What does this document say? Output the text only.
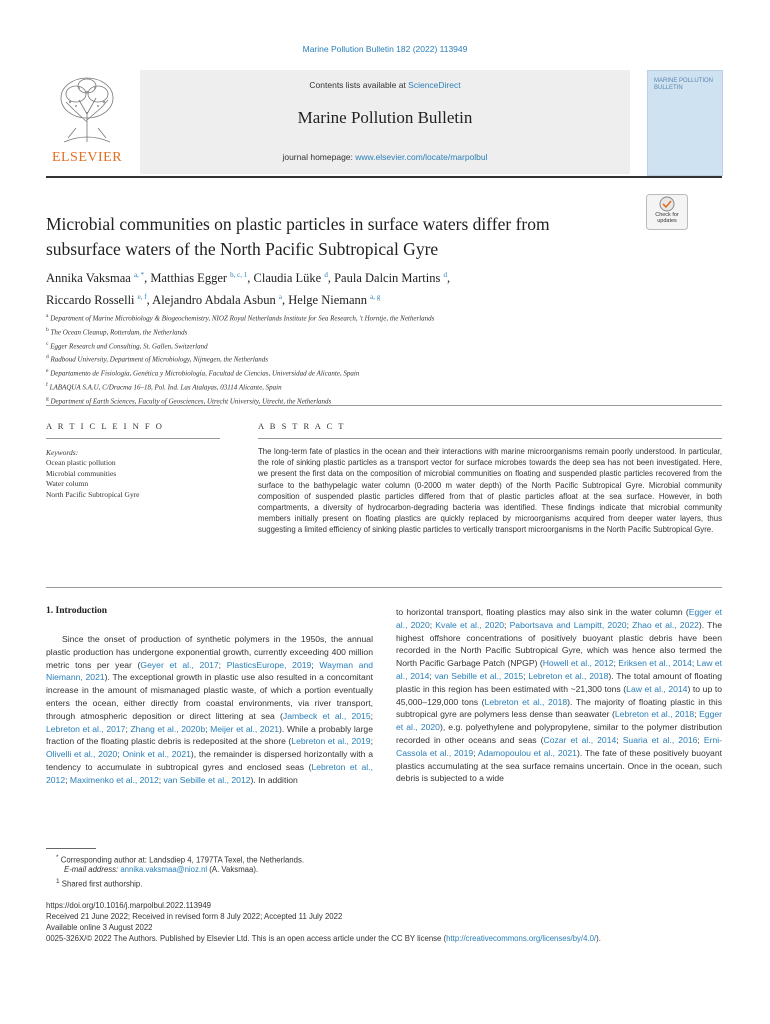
Marine Pollution Bulletin 182 (2022) 113949
ELSEVIER
Contents lists available at ScienceDirect
Marine Pollution Bulletin
journal homepage: www.elsevier.com/locate/marpolbul
MARINE POLLUTION BULLETIN
Microbial communities on plastic particles in surface waters differ from subsurface waters of the North Pacific Subtropical Gyre
Check for updates
Annika Vaksmaa $^{a, *}$, Matthias Egger $^{b, c, 1}$, Claudia Lüke $^d$, Paula Dalcin Martins $^d$,
Riccardo Rosselli $^{e, f}$, Alejandro Abdala Asbun $^a$, Helge Niemann $^{a, g}$
$^a$ Department of Marine Microbiology & Biogeochemistry, NIOZ Royal Netherlands Institute for Sea Research, 't Horntje, the Netherlands
$^b$ The Ocean Cleanup, Rotterdam, the Netherlands
$^c$ Egger Research and Consulting, St. Gallen, Switzerland
$^d$ Radboud University, Department of Microbiology, Nijmegen, the Netherlands
$^e$ Departamento de Fisiología, Genética y Microbiología, Facultad de Ciencias, Universidad de Alicante, Spain
$^f$ LABAQUA S.A.U, C/Dracma 16–18, Pol. Ind. Las Atalayas, 03114 Alicante, Spain
$^g$ Department of Earth Sciences, Faculty of Geosciences, Utrecht University, Utrecht, the Netherlands
A R T I C L E I N F O	A B S T R A C T
Keywords:
Ocean plastic pollution
Microbial communities
Water column
North Pacific Subtropical Gyre
The long-term fate of plastics in the ocean and their interactions with marine microorganisms remain poorly understood. In particular, the role of sinking plastic particles as a transport vector for surface microbes towards the deep sea has not been investigated. Here, we present the first data on the composition of microbial communities on floating and suspended plastic particles recovered from the surface to the bathypelagic water column (0-2000 m water depth) of the North Pacific Subtropical Gyre. Microbial community composition of suspended plastic particles differed from that of plastic particles afloat at the sea surface. However, in both compartments, a diversity of hydrocarbon-degrading bacteria was identified. These findings indicate that microbial community members initially present on floating plastics are quickly replaced by microorganisms acquired from deeper water layers, thus suggesting a limited efficiency of sinking plastic particles to vertically transport microorganisms in the North Pacific Subtropical Gyre.
1. Introduction
Since the onset of production of synthetic polymers in the 1950s, the annual plastic production has undergone exponential growth, currently exceeding 400 million metric tons per year (Geyer et al., 2017; PlasticsEurope, 2019; Wayman and Niemann, 2021). The exceptional growth in plastic use also resulted in a concomitant increase in the amount of mismanaged plastic waste, of which a portion eventually enters the ocean, either directly from coastal environments, via river transport, through atmospheric deposition or direct littering at sea (Jambeck et al., 2015; Lebreton et al., 2017; Zhang et al., 2020b; Meijer et al., 2021). While a probably large fraction of the floating plastic debris is redeposited at the shore (Lebreton et al., 2019; Olivelli et al., 2020; Onink et al., 2021), the remainder is dispersed horizontally with a tendency to accumulate in subtropical gyres and enclosed seas (Lebreton et al., 2012; Maximenko et al., 2012; van Sebille et al., 2012). In addition
to horizontal transport, floating plastics may also sink in the water column (Egger et al., 2020; Kvale et al., 2020; Pabortsava and Lampitt, 2020; Zhao et al., 2022). The highest offshore concentrations of positively buoyant plastic debris have been recorded in the North Pacific Subtropical Gyre, which was hence also termed the North Pacific Garbage Patch (NPGP) (Howell et al., 2012; Eriksen et al., 2014; Law et al., 2014; van Sebille et al., 2015; Lebreton et al., 2018). The total amount of floating plastic in this region has been estimated with ~21,300 tons (Law et al., 2014) to up to 45,000–129,000 tons (Lebreton et al., 2018). The majority of floating plastic in this subtropical gyre are polymers less dense than seawater (Lebreton et al., 2018; Egger et al., 2020), e.g. polyethylene and polypropylene, similar to the polymer distribution recorded in other oceans and seas (Cozar et al., 2014; Suaria et al., 2016; Erni-Cassola et al., 2019; Adamopoulou et al., 2021). The fate of these positively buoyant plastics accumulating at the sea surface remains uncertain. Once in the ocean, such debris is subjected to a wide
* Corresponding author at: Landsdiep 4, 1797TA Texel, the Netherlands.
E-mail address: annika.vaksmaa@nioz.nl (A. Vaksmaa).
$^1$ Shared first authorship.
https://doi.org/10.1016/j.marpolbul.2022.113949
Received 21 June 2022; Received in revised form 8 July 2022; Accepted 11 July 2022
Available online 3 August 2022
0025-326X/© 2022 The Authors. Published by Elsevier Ltd. This is an open access article under the CC BY license (http://creativecommons.org/licenses/by/4.0/).
